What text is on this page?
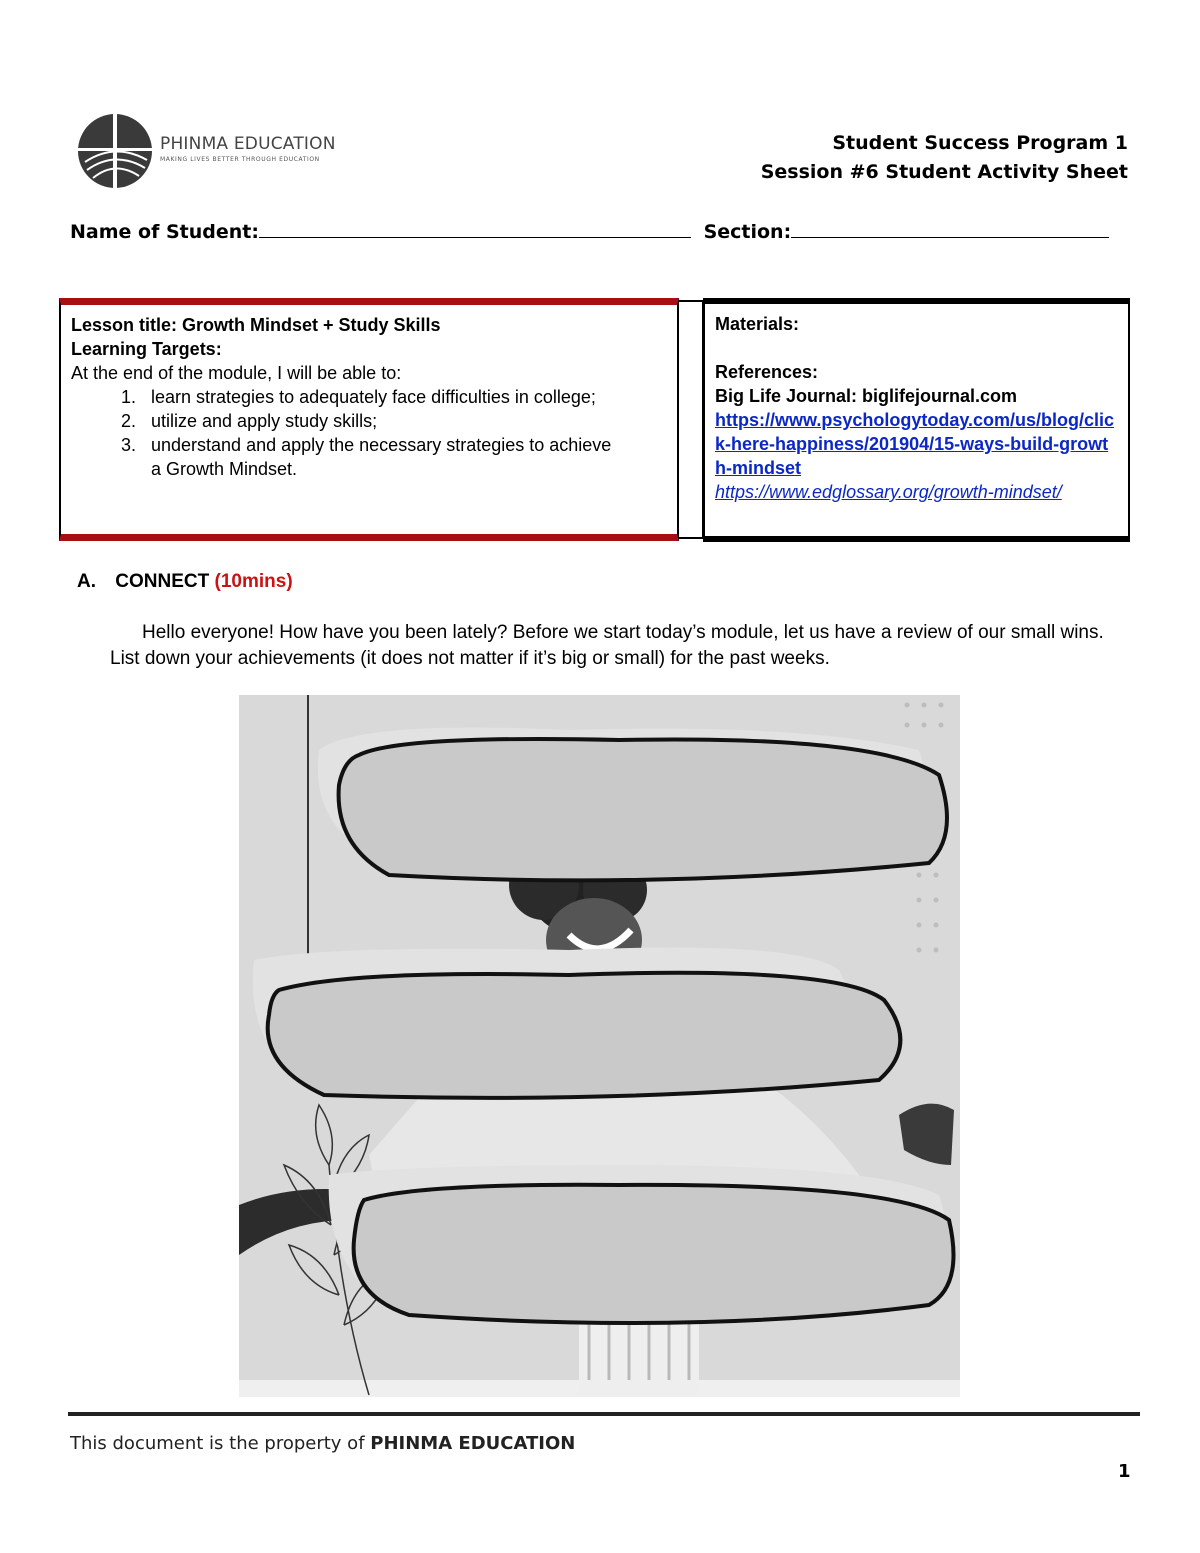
PHINMA EDUCATION
MAKING LIVES BETTER THROUGH EDUCATION
Student Success Program 1
Session #6 Student Activity Sheet
Name of Student:	Section:
Lesson title: Growth Mindset + Study Skills
Learning Targets:
At the end of the module, I will be able to:
1. learn strategies to adequately face difficulties in college;
2. utilize and apply study skills;
3. understand and apply the necessary strategies to achieve a Growth Mindset.
Materials:
References:
Big Life Journal: biglifejournal.com
https://www.psychologytoday.com/us/blog/click-here-happiness/201904/15-ways-build-growth-mindset
https://www.edglossary.org/growth-mindset/
A. CONNECT (10mins)
Hello everyone! How have you been lately? Before we start today’s module, let us have a review of our small wins. List down your achievements (it does not matter if it’s big or small) for the past weeks.
This document is the property of PHINMA EDUCATION
1
